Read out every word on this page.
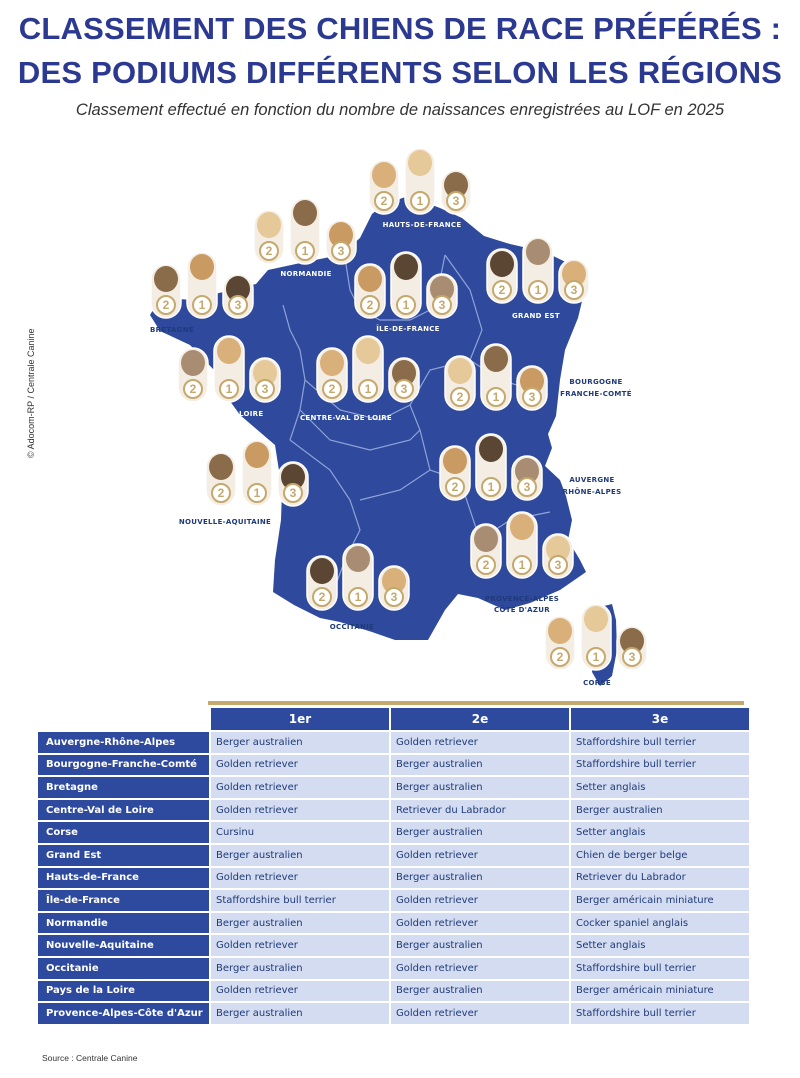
CLASSEMENT DES CHIENS DE RACE PRÉFÉRÉS :
DES PODIUMS DIFFÉRENTS SELON LES RÉGIONS
Classement effectué en fonction du nombre de naissances enregistrées au LOF en 2025
2 1 3
2 1 3
2 1 3	2 1 3
2 1 3
2 1 3	2 1 3
2 1 3
2 1 3	2 1 3
2 1 3
2 1 3
2 1 3
HAUTS-DE-FRANCE
NORMANDIE
BRETAGNE	ÎLE-DE-FRANCE
GRAND EST
PAYS DE LA LOIRE	CENTRE-VAL DE LOIRE
BOURGOGNE
FRANCHE-COMTÉ
NOUVELLE-AQUITAINE
AUVERGNE
RHÔNE-ALPES
OCCITANIE
PROVENCE-ALPES
CÔTE D'AZUR
CORSE
© Adocom-RP / Centrale Canine
	1er	2e	3e
Auvergne-Rhône-Alpes	Berger australien	Golden retriever	Staffordshire bull terrier
Bourgogne-Franche-Comté	Golden retriever	Berger australien	Staffordshire bull terrier
Bretagne	Golden retriever	Berger australien	Setter anglais
Centre-Val de Loire	Golden retriever	Retriever du Labrador	Berger australien
Corse	Cursinu	Berger australien	Setter anglais
Grand Est	Berger australien	Golden retriever	Chien de berger belge
Hauts-de-France	Golden retriever	Berger australien	Retriever du Labrador
Île-de-France	Staffordshire bull terrier	Golden retriever	Berger américain miniature
Normandie	Berger australien	Golden retriever	Cocker spaniel anglais
Nouvelle-Aquitaine	Golden retriever	Berger australien	Setter anglais
Occitanie	Berger australien	Golden retriever	Staffordshire bull terrier
Pays de la Loire	Golden retriever	Berger australien	Berger américain miniature
Provence-Alpes-Côte d'Azur	Berger australien	Golden retriever	Staffordshire bull terrier
Source : Centrale Canine
